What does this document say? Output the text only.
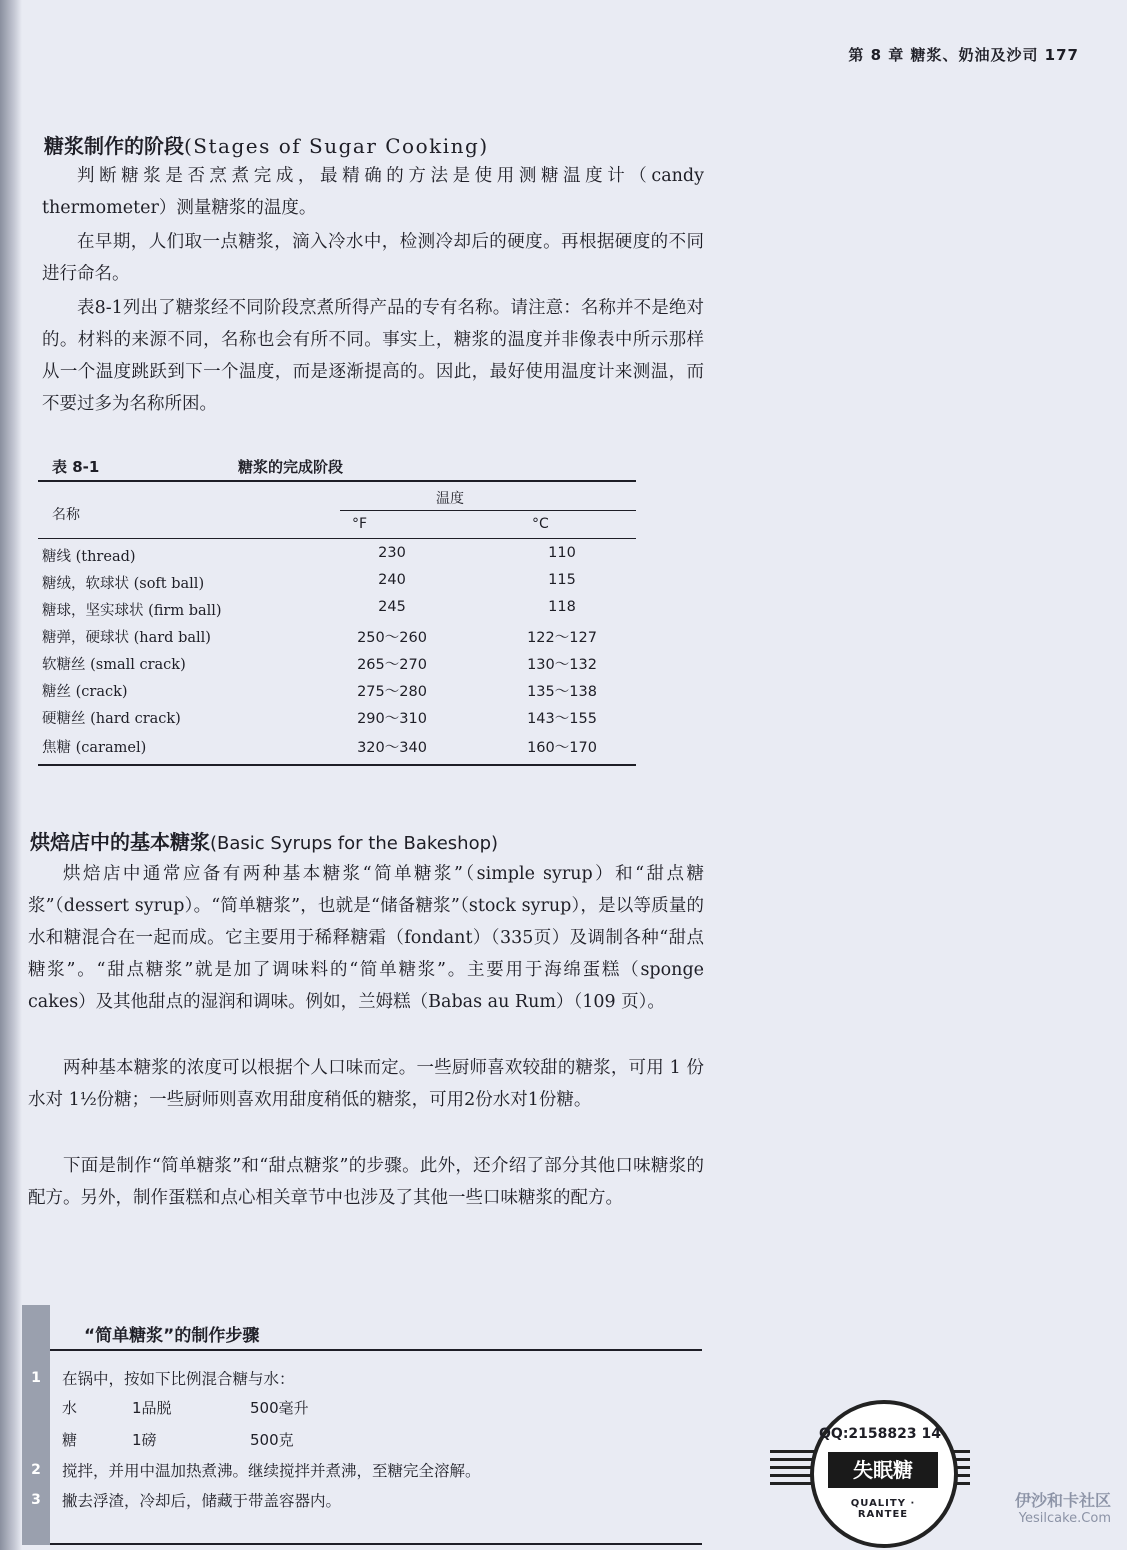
第 8 章 糖浆、奶油及沙司 177
糖浆制作的阶段(Stages of Sugar Cooking)
判断糖浆是否烹煮完成，最精确的方法是使用测糖温度计（candy thermometer）测量糖浆的温度。
在早期，人们取一点糖浆，滴入冷水中，检测冷却后的硬度。再根据硬度的不同进行命名。
表8-1列出了糖浆经不同阶段烹煮所得产品的专有名称。请注意：名称并不是绝对的。材料的来源不同，名称也会有所不同。事实上，糖浆的温度并非像表中所示那样从一个温度跳跃到下一个温度，而是逐渐提高的。因此，最好使用温度计来测温，而不要过多为名称所困。
表 8-1	糖浆的完成阶段
名称
温度
°F	°C
糖线 (thread)	230	110
糖绒，软球状 (soft ball)	240	115
糖球，坚实球状 (firm ball)	245	118
糖弹，硬球状 (hard ball)	250～260	122～127
软糖丝 (small crack)	265～270	130～132
糖丝 (crack)	275～280	135～138
硬糖丝 (hard crack)	290～310	143～155
焦糖 (caramel)	320～340	160～170
烘焙店中的基本糖浆(Basic Syrups for the Bakeshop)
烘焙店中通常应备有两种基本糖浆“简单糖浆”（simple syrup）和“甜点糖浆”（dessert syrup）。“简单糖浆”，也就是“储备糖浆”（stock syrup），是以等质量的水和糖混合在一起而成。它主要用于稀释糖霜（fondant）（335页）及调制各种“甜点糖浆”。“甜点糖浆”就是加了调味料的“简单糖浆”。主要用于海绵蛋糕（sponge cakes）及其他甜点的湿润和调味。例如，兰姆糕（Babas au Rum）（109 页）。
两种基本糖浆的浓度可以根据个人口味而定。一些厨师喜欢较甜的糖浆，可用 1 份水对 1½份糖；一些厨师则喜欢用甜度稍低的糖浆，可用2份水对1份糖。
下面是制作“简单糖浆”和“甜点糖浆”的步骤。此外，还介绍了部分其他口味糖浆的配方。另外，制作蛋糕和点心相关章节中也涉及了其他一些口味糖浆的配方。
1
2
3
“简单糖浆”的制作步骤
在锅中，按如下比例混合糖与水：
水	1品脱	500毫升
糖	1磅	500克
搅拌，并用中温加热煮沸。继续搅拌并煮沸，至糖完全溶解。
撇去浮渣，冷却后，储藏于带盖容器内。
QQ:2158823 14
失眠糖
QUALITY · RANTEE
伊沙和卡社区
Yesilcake.Com
